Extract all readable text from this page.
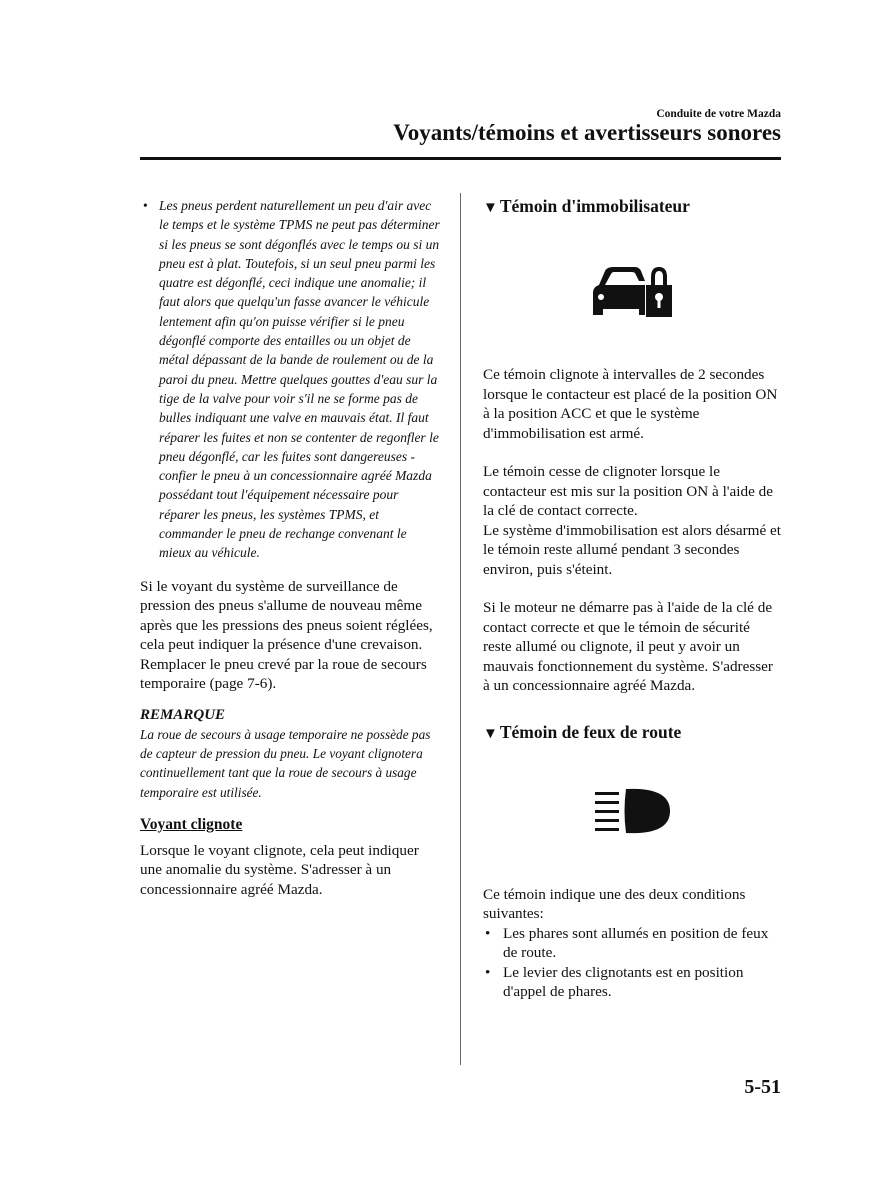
Conduite de votre Mazda
Voyants/témoins et avertisseurs sonores
• Les pneus perdent naturellement un peu d'air avec le temps et le système TPMS ne peut pas déterminer si les pneus se sont dégonflés avec le temps ou si un pneu est à plat. Toutefois, si un seul pneu parmi les quatre est dégonflé, ceci indique une anomalie; il faut alors que quelqu'un fasse avancer le véhicule lentement afin qu'on puisse vérifier si le pneu dégonflé comporte des entailles ou un objet de métal dépassant de la bande de roulement ou de la paroi du pneu. Mettre quelques gouttes d'eau sur la tige de la valve pour voir s'il ne se forme pas de bulles indiquant une valve en mauvais état. Il faut réparer les fuites et non se contenter de regonfler le pneu dégonflé, car les fuites sont dangereuses - confier le pneu à un concessionnaire agréé Mazda possédant tout l'équipement nécessaire pour réparer les pneus, les systèmes TPMS, et commander le pneu de rechange convenant le mieux au véhicule.

Si le voyant du système de surveillance de pression des pneus s'allume de nouveau même après que les pressions des pneus soient réglées, cela peut indiquer la présence d'une crevaison. Remplacer le pneu crevé par la roue de secours temporaire (page 7-6).

REMARQUE

La roue de secours à usage temporaire ne possède pas de capteur de pression du pneu. Le voyant clignotera continuellement tant que la roue de secours à usage temporaire est utilisée.

Voyant clignote

Lorsque le voyant clignote, cela peut indiquer une anomalie du système. S'adresser à un concessionnaire agréé Mazda.

▼ Témoin d'immobilisateur

Ce témoin clignote à intervalles de 2 secondes lorsque le contacteur est placé de la position ON à la position ACC et que le système d'immobilisation est armé.

Le témoin cesse de clignoter lorsque le contacteur est mis sur la position ON à l'aide de la clé de contact correcte.

Le système d'immobilisation est alors désarmé et le témoin reste allumé pendant 3 secondes environ, puis s'éteint.

Si le moteur ne démarre pas à l'aide de la clé de contact correcte et que le témoin de sécurité reste allumé ou clignote, il peut y avoir un mauvais fonctionnement du système. S'adresser à un concessionnaire agréé Mazda.

▼ Témoin de feux de route

Ce témoin indique une des deux conditions suivantes:

• Les phares sont allumés en position de feux de route.
• Le levier des clignotants est en position d'appel de phares.
5-51
